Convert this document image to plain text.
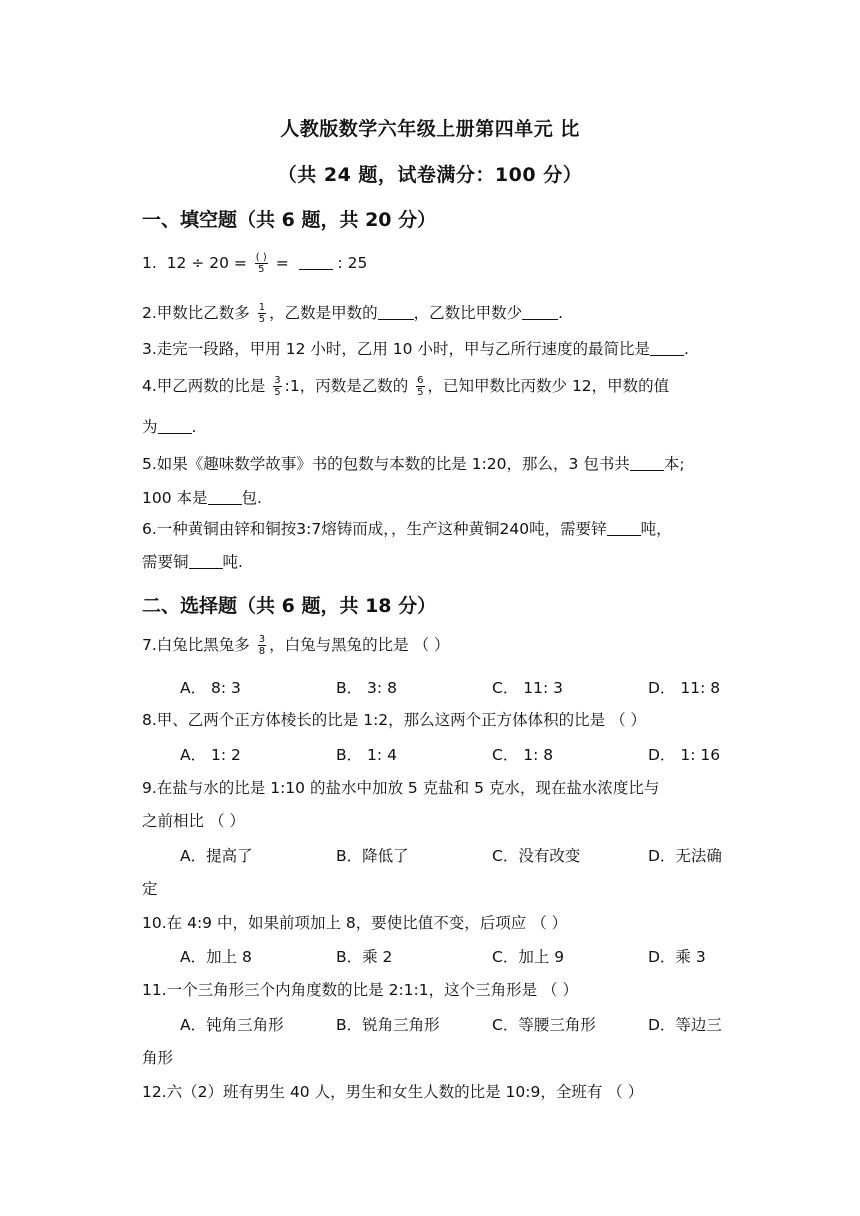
人教版数学六年级上册第四单元 比
（共 24 题，试卷满分：100 分）
一、填空题（共 6 题，共 20 分）
1. $12 \div 20 = \frac{( )}{5}$ =	: 25
2.甲数比乙数多 $\frac{1}{5}$ ，乙数是甲数的 ，乙数比甲数少 .
3.走完一段路，甲用 12 小时，乙用 10 小时，甲与乙所行速度的最简比是 .
4.甲乙两数的比是 $\frac{3}{5}$ :1，丙数是乙数的 $\frac{6}{5}$ ，已知甲数比丙数少 12，甲数的值
为 .
5.如果《趣味数学故事》书的包数与本数的比是 1:20，那么，3 包书共 本;
100 本是 包.
6.一种黄铜由锌和铜按3:7熔铸而成，，生产这种黄铜240吨，需要锌 吨，
需要铜 吨.
二、选择题（共 6 题，共 18 分）
7.白兔比黑兔多 $\frac{3}{8}$ ，白兔与黑兔的比是 （ ）
A． 8: 3	B． 3: 8	C． 11: 3	D． 11: 8
8.甲、乙两个正方体棱长的比是 1:2，那么这两个正方体体积的比是 （ ）
A． 1: 2	B． 1: 4	C． 1: 8	D． 1: 16
9.在盐与水的比是 1:10 的盐水中加放 5 克盐和 5 克水，现在盐水浓度比与
之前相比 （ ）
A．提高了	B．降低了	C．没有改变	D．无法确
定
10.在 4:9 中，如果前项加上 8，要使比值不变，后项应 （ ）
A．加上 8	B．乘 2	C．加上 9	D．乘 3
11.一个三角形三个内角度数的比是 2:1:1，这个三角形是 （ ）
A．钝角三角形	B．锐角三角形	C．等腰三角形	D．等边三
角形
12.六（2）班有男生 40 人，男生和女生人数的比是 10:9，全班有 （ ）
